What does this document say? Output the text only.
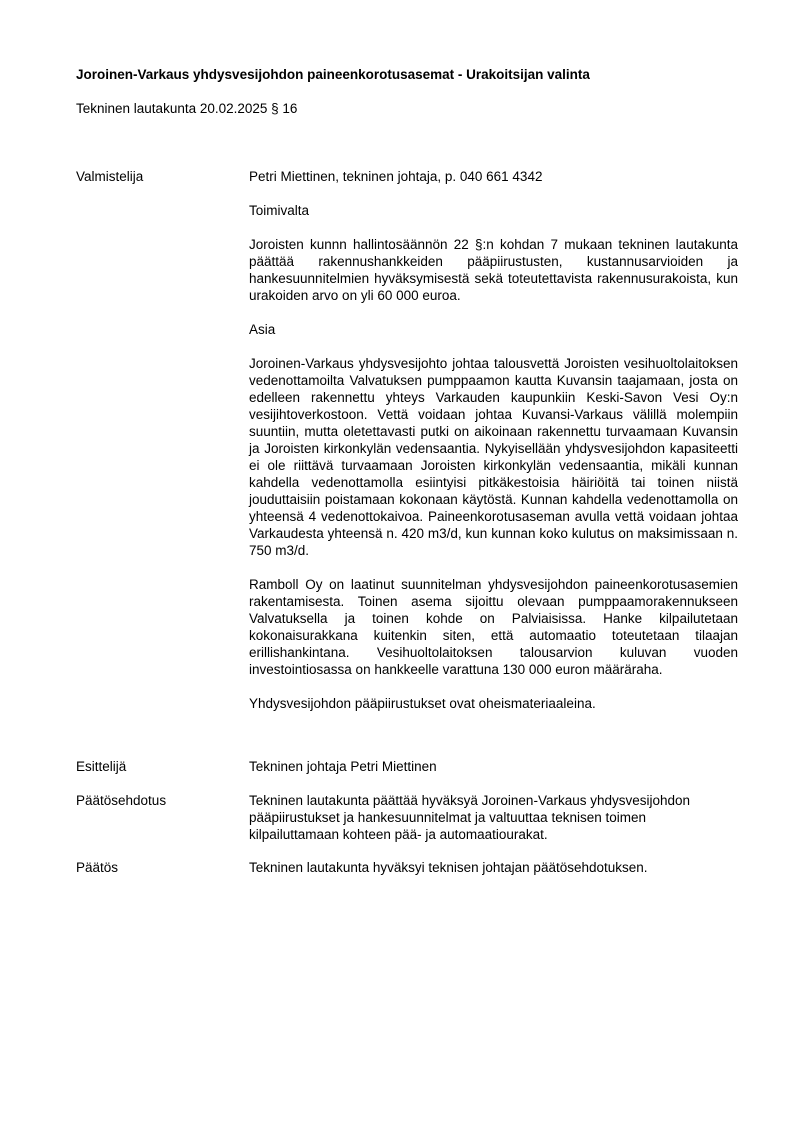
Joroinen-Varkaus yhdysvesijohdon paineenkorotusasemat - Urakoitsijan valinta

Tekninen lautakunta 20.02.2025 § 16

Valmistelija	Petri Miettinen, tekninen johtaja, p. 040 661 4342

Toimivalta

Joroisten kunnn hallintosäännön 22 §:n kohdan 7 mukaan tekninen lautakunta päättää rakennushankkeiden pääpiirustusten, kustannusarvioiden ja hankesuunnitelmien hyväksymisestä sekä toteutettavista rakennusurakoista, kun urakoiden arvo on yli 60 000 euroa.

Asia

Joroinen-Varkaus yhdysvesijohto johtaa talousvettä Joroisten vesihuoltolaitoksen vedenottamoilta Valvatuksen pumppaamon kautta Kuvansin taajamaan, josta on edelleen rakennettu yhteys Varkauden kaupunkiin Keski-Savon Vesi Oy:n vesijihtoverkostoon. Vettä voidaan johtaa Kuvansi-Varkaus välillä molempiin suuntiin, mutta oletettavasti putki on aikoinaan rakennettu turvaamaan Kuvansin ja Joroisten kirkonkylän vedensaantia. Nykyisellään yhdysvesijohdon kapasiteetti ei ole riittävä turvaamaan Joroisten kirkonkylän vedensaantia, mikäli kunnan kahdella vedenottamolla esiintyisi pitkäkestoisia häiriöitä tai toinen niistä jouduttaisiin poistamaan kokonaan käytöstä. Kunnan kahdella vedenottamolla on yhteensä 4 vedenottokaivoa. Paineenkorotusaseman avulla vettä voidaan johtaa Varkaudesta yhteensä n. 420 m3/d, kun kunnan koko kulutus on maksimissaan n. 750 m3/d.

Ramboll Oy on laatinut suunnitelman yhdysvesijohdon paineenkorotusasemien rakentamisesta. Toinen asema sijoittu olevaan pumppaamorakennukseen Valvatuksella ja toinen kohde on Palviaisissa. Hanke kilpailutetaan kokonaisurakkana kuitenkin siten, että automaatio toteutetaan tilaajan erillishankintana. Vesihuoltolaitoksen talousarvion kuluvan vuoden investointiosassa on hankkeelle varattuna 130 000 euron määräraha.

Yhdysvesijohdon pääpiirustukset ovat oheismateriaaleina.

Esittelijä	Tekninen johtaja Petri Miettinen
Päätösehdotus	Tekninen lautakunta päättää hyväksyä Joroinen-Varkaus yhdysvesijohdon pääpiirustukset ja hankesuunnitelmat ja valtuuttaa teknisen toimen kilpailuttamaan kohteen pää- ja automaatiourakat.
Päätös	Tekninen lautakunta hyväksyi teknisen johtajan päätösehdotuksen.
